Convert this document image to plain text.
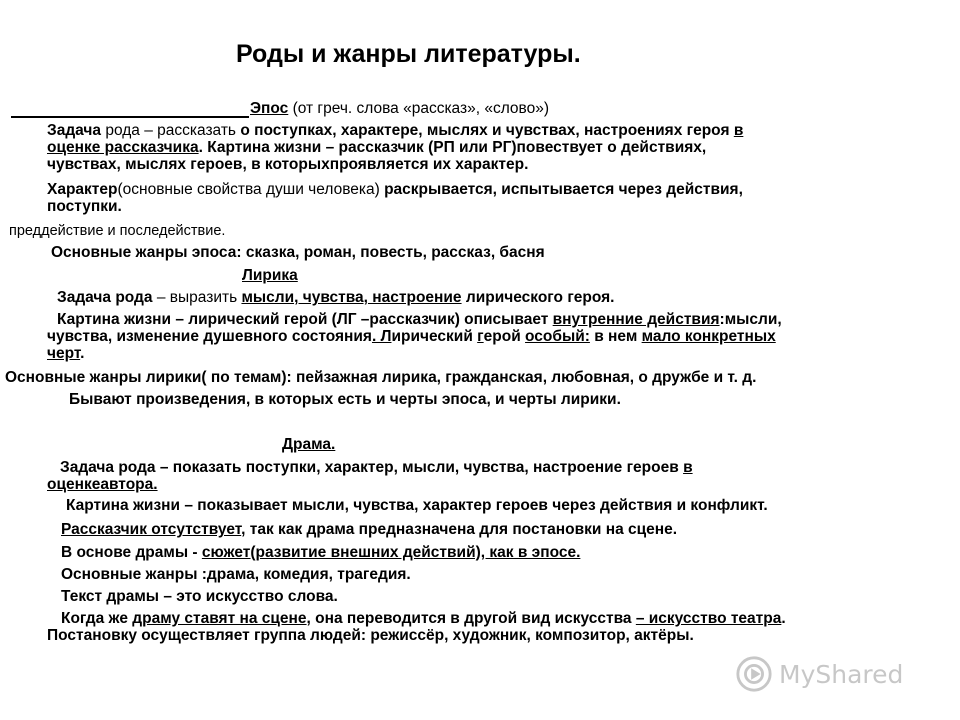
Роды и жанры литературы.
Эпос (от греч. слова «рассказ», «слово»)
Задача рода – рассказать о поступках, характере, мыслях и чувствах, настроениях героя в
оценке рассказчика. Картина жизни – рассказчик (РП или РГ)повествует о действиях,
чувствах, мыслях героев, в которыхпроявляется их характер.
Характер(основные свойства души человека) раскрывается, испытывается через действия,
поступки.
преддействие и последействие.
Основные жанры эпоса: сказка, роман, повесть, рассказ, басня
Лирика
Задача рода – выразить мысли, чувства, настроение лирического героя.
Картина жизни – лирический герой (ЛГ –рассказчик) описывает внутренние действия:мысли,
чувства, изменение душевного состояния. Лирический герой особый: в нем мало конкретных
черт.
Основные жанры лирики( по темам): пейзажная лирика, гражданская, любовная, о дружбе и т. д.
Бывают произведения, в которых есть и черты эпоса, и черты лирики.
Драма.
Задача рода – показать поступки, характер, мысли, чувства, настроение героев в
оценкеавтора.
Картина жизни – показывает мысли, чувства, характер героев через действия и конфликт.
Рассказчик отсутствует, так как драма предназначена для постановки на сцене.
В основе драмы - сюжет(развитие внешних действий), как в эпосе.
Основные жанры :драма, комедия, трагедия.
Текст драмы – это искусство слова.
Когда же драму ставят на сцене, она переводится в другой вид искусства – искусство театра.
Постановку осуществляет группа людей: режиссёр, художник, композитор, актёры.
MyShared
